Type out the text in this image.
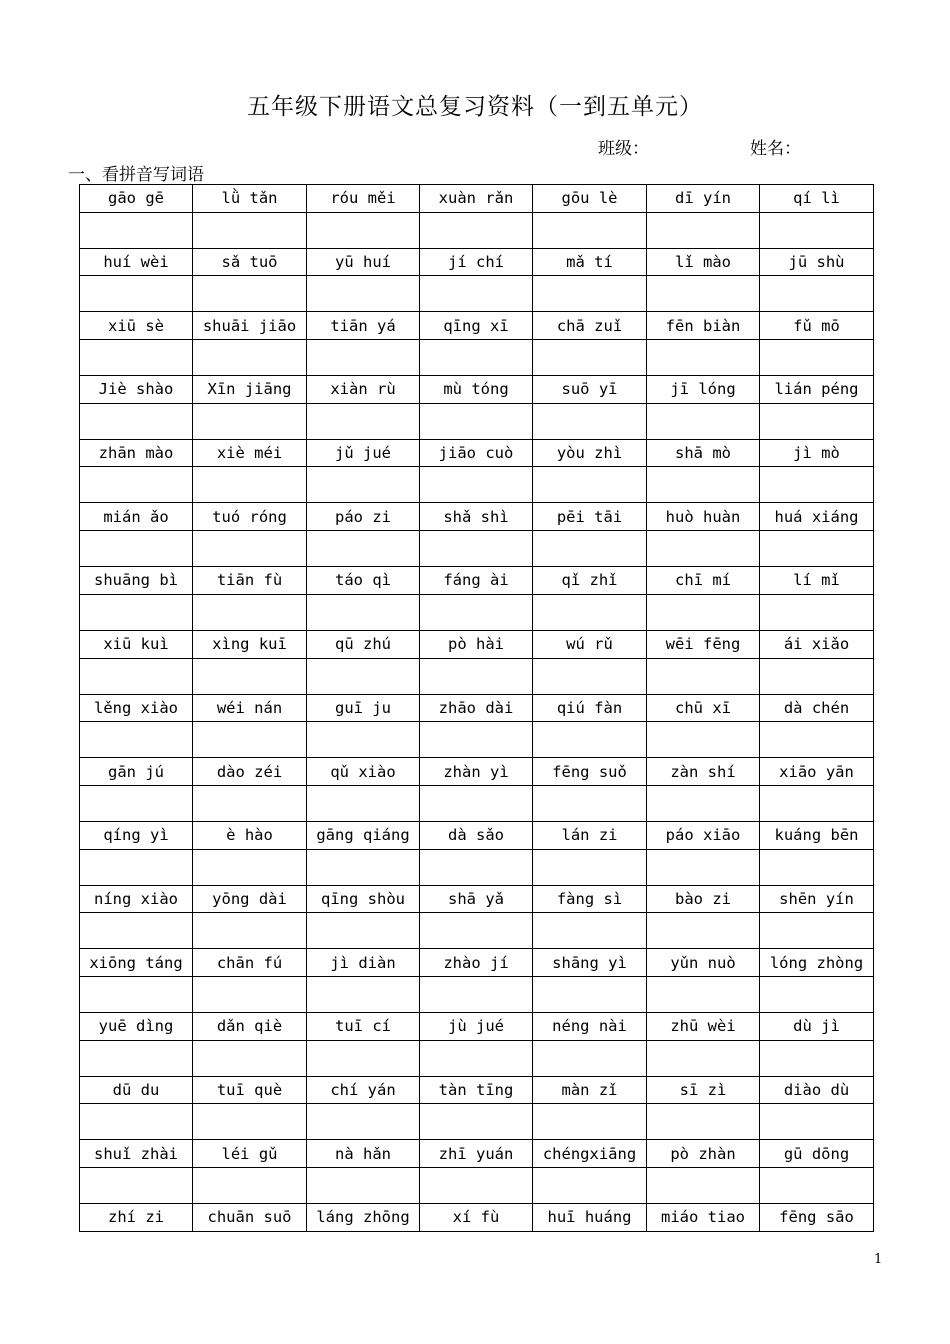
五年级下册语文总复习资料（一到五单元）
班级：	姓名：
一、看拼音写词语
gāo gē	lǜ tǎn	róu měi	xuàn rǎn	gōu lè	dī yín	qí lì

huí wèi	sǎ tuō	yū huí	jí chí	mǎ tí	lǐ mào	jū shù

xiū sè	shuāi jiāo	tiān yá	qīng xī	chā zuǐ	fēn biàn	fǔ mō

Jiè shào	Xīn jiāng	xiàn rù	mù tóng	suō yī	jī lóng	lián péng

zhān mào	xiè méi	jǔ jué	jiāo cuò	yòu zhì	shā mò	jì mò

mián ǎo	tuó róng	páo zi	shǎ shì	pēi tāi	huò huàn	huá xiáng

shuāng bì	tiān fù	táo qì	fáng ài	qǐ zhǐ	chī mí	lí mǐ

xiū kuì	xìng kuī	qū zhú	pò hài	wú rǔ	wēi fēng	ái xiǎo

lěng xiào	wéi nán	guī ju	zhāo dài	qiú fàn	chū xī	dà chén

gān jú	dào zéi	qǔ xiào	zhàn yì	fēng suǒ	zàn shí	xiāo yān

qíng yì	è hào	gāng qiáng	dà sǎo	lán zi	páo xiāo	kuáng bēn

níng xiào	yōng dài	qīng shòu	shā yǎ	fàng sì	bào zi	shēn yín

xiōng táng	chān fú	jì diàn	zhào jí	shāng yì	yǔn nuò	lóng zhòng

yuē dìng	dǎn qiè	tuī cí	jù jué	néng nài	zhū wèi	dù jì

dū du	tuī què	chí yán	tàn tīng	màn zǐ	sī zì	diào dù

shuǐ zhài	léi gǔ	nà hǎn	zhī yuán	chéngxiāng	pò zhàn	gū dōng

zhí zi	chuān suō	láng zhōng	xí fù	huī huáng	miáo tiao	fēng sāo
1
